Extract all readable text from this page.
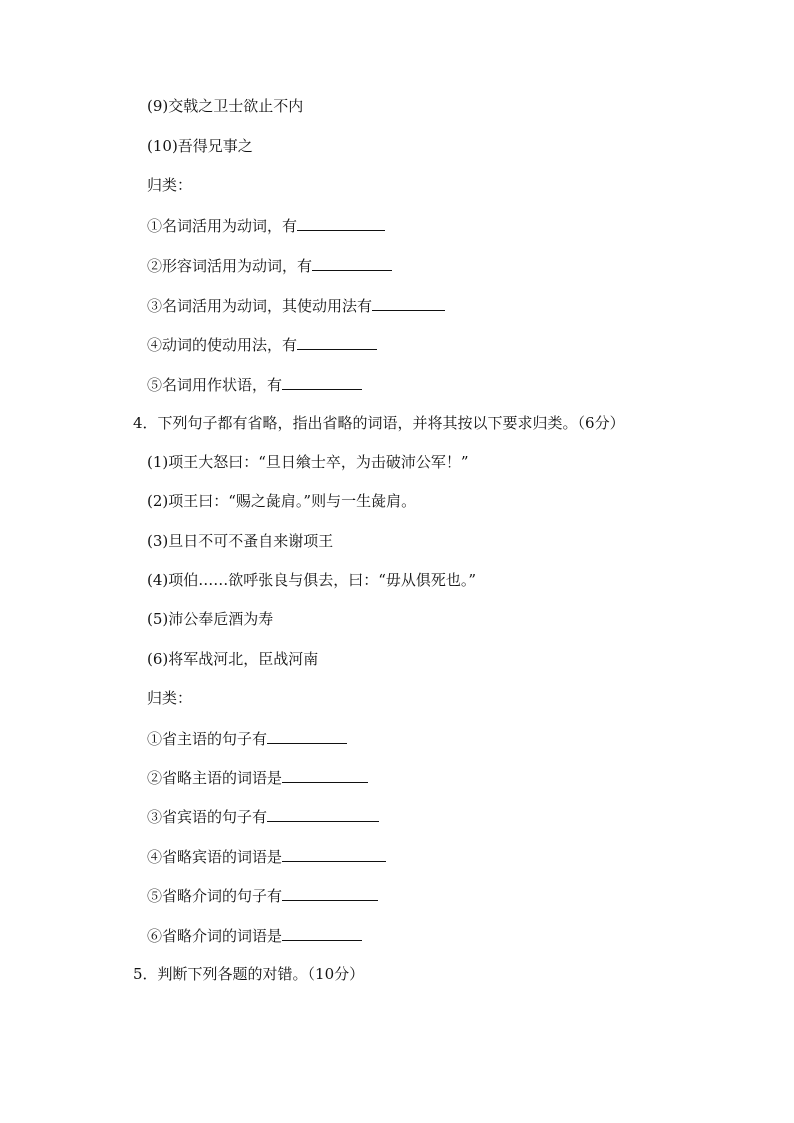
(9)交戟之卫士欲止不内
(10)吾得兄事之
归类：
①名词活用为动词，有
②形容词活用为动词，有
③名词活用为动词，其使动用法有
④动词的使动用法，有
⑤名词用作状语，有
4．下列句子都有省略，指出省略的词语，并将其按以下要求归类。（6分）
(1)项王大怒曰：“旦日飨士卒，为击破沛公军！”
(2)项王曰：“赐之彘肩。”则与一生彘肩。
(3)旦日不可不蚤自来谢项王
(4)项伯……欲呼张良与俱去，曰：“毋从俱死也。”
(5)沛公奉卮酒为寿
(6)将军战河北，臣战河南
归类：
①省主语的句子有
②省略主语的词语是
③省宾语的句子有
④省略宾语的词语是
⑤省略介词的句子有
⑥省略介词的词语是
5．判断下列各题的对错。（10分）
